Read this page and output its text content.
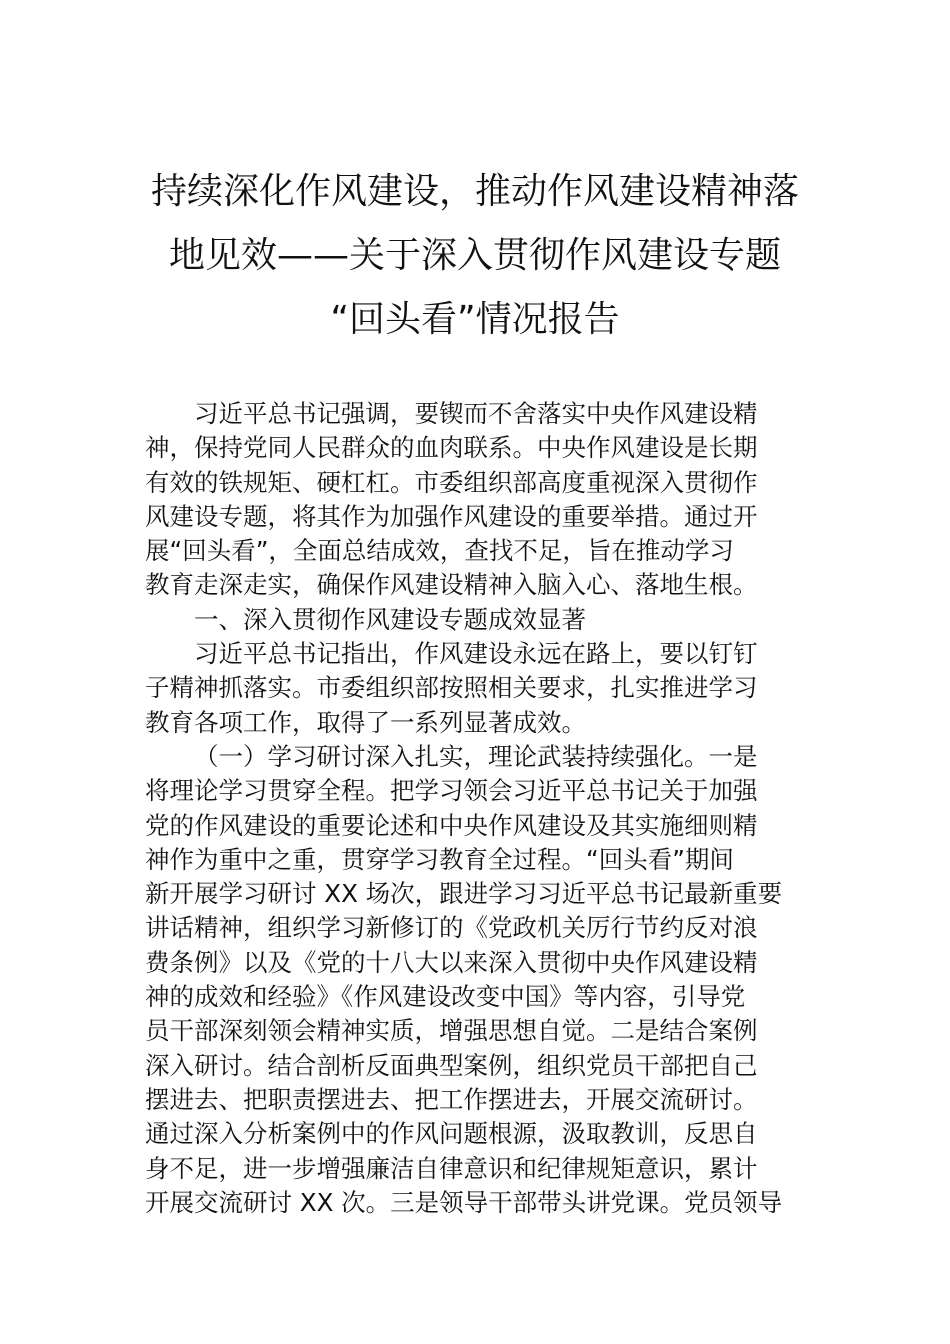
持续深化作风建设，推动作风建设精神落
地见效——关于深入贯彻作风建设专题
“回头看”情况报告
习近平总书记强调，要锲而不舍落实中央作风建设精
神，保持党同人民群众的血肉联系。中央作风建设是长期
有效的铁规矩、硬杠杠。市委组织部高度重视深入贯彻作
风建设专题，将其作为加强作风建设的重要举措。通过开
展“回头看”，全面总结成效，查找不足，旨在推动学习
教育走深走实，确保作风建设精神入脑入心、落地生根。
一、深入贯彻作风建设专题成效显著
习近平总书记指出，作风建设永远在路上，要以钉钉
子精神抓落实。市委组织部按照相关要求，扎实推进学习
教育各项工作，取得了一系列显著成效。
（一）学习研讨深入扎实，理论武装持续强化。一是
将理论学习贯穿全程。把学习领会习近平总书记关于加强
党的作风建设的重要论述和中央作风建设及其实施细则精
神作为重中之重，贯穿学习教育全过程。“回头看”期间
新开展学习研讨 XX 场次，跟进学习习近平总书记最新重要
讲话精神，组织学习新修订的《党政机关厉行节约反对浪
费条例》以及《党的十八大以来深入贯彻中央作风建设精
神的成效和经验》《作风建设改变中国》等内容，引导党
员干部深刻领会精神实质，增强思想自觉。二是结合案例
深入研讨。结合剖析反面典型案例，组织党员干部把自己
摆进去、把职责摆进去、把工作摆进去，开展交流研讨。
通过深入分析案例中的作风问题根源，汲取教训，反思自
身不足，进一步增强廉洁自律意识和纪律规矩意识，累计
开展交流研讨 XX 次。三是领导干部带头讲党课。党员领导
